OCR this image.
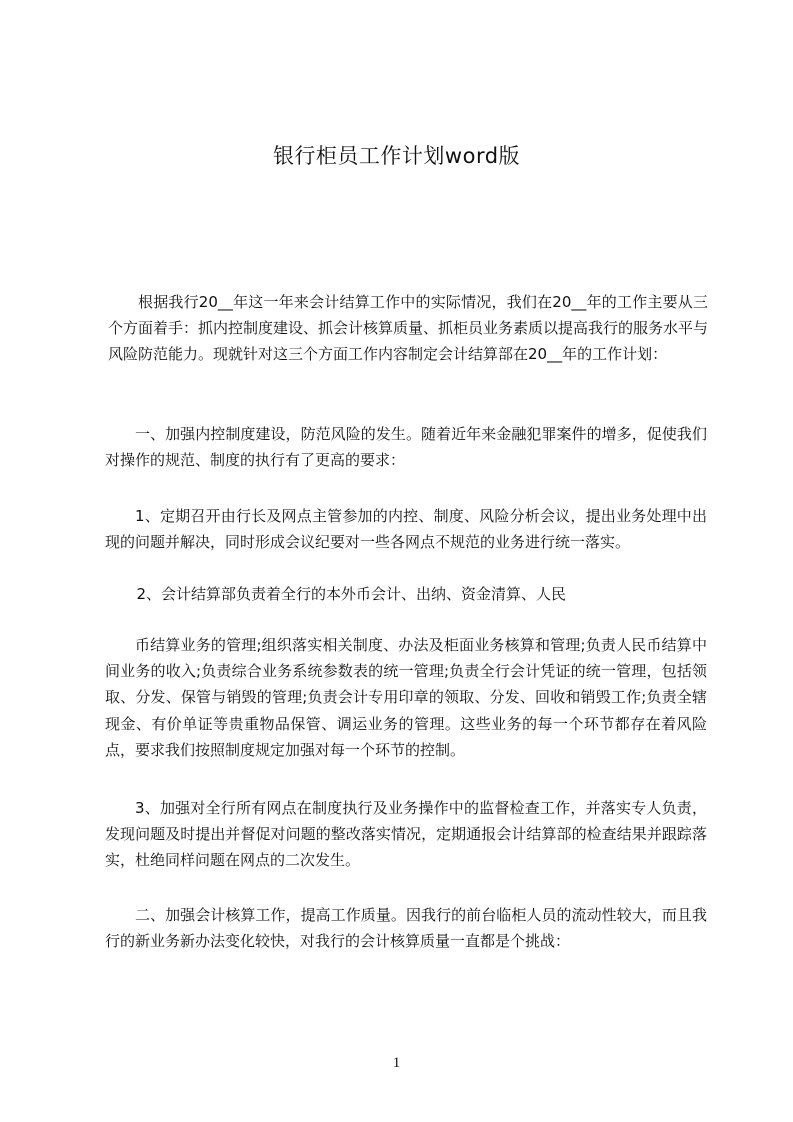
银行柜员工作计划word版

根据我行20__年这一年来会计结算工作中的实际情况，我们在20__年的工作主要从三个方面着手：抓内控制度建设、抓会计核算质量、抓柜员业务素质以提高我行的服务水平与风险防范能力。现就针对这三个方面工作内容制定会计结算部在20__年的工作计划：

一、加强内控制度建设，防范风险的发生。随着近年来金融犯罪案件的增多，促使我们对操作的规范、制度的执行有了更高的要求：

1、定期召开由行长及网点主管参加的内控、制度、风险分析会议，提出业务处理中出现的问题并解决，同时形成会议纪要对一些各网点不规范的业务进行统一落实。

2、会计结算部负责着全行的本外币会计、出纳、资金清算、人民

币结算业务的管理;组织落实相关制度、办法及柜面业务核算和管理;负责人民币结算中间业务的收入;负责综合业务系统参数表的统一管理;负责全行会计凭证的统一管理，包括领取、分发、保管与销毁的管理;负责会计专用印章的领取、分发、回收和销毁工作;负责全辖现金、有价单证等贵重物品保管、调运业务的管理。这些业务的每一个环节都存在着风险点，要求我们按照制度规定加强对每一个环节的控制。

3、加强对全行所有网点在制度执行及业务操作中的监督检查工作，并落实专人负责，发现问题及时提出并督促对问题的整改落实情况，定期通报会计结算部的检查结果并跟踪落实，杜绝同样问题在网点的二次发生。

二、加强会计核算工作，提高工作质量。因我行的前台临柜人员的流动性较大，而且我行的新业务新办法变化较快，对我行的会计核算质量一直都是个挑战：

1
